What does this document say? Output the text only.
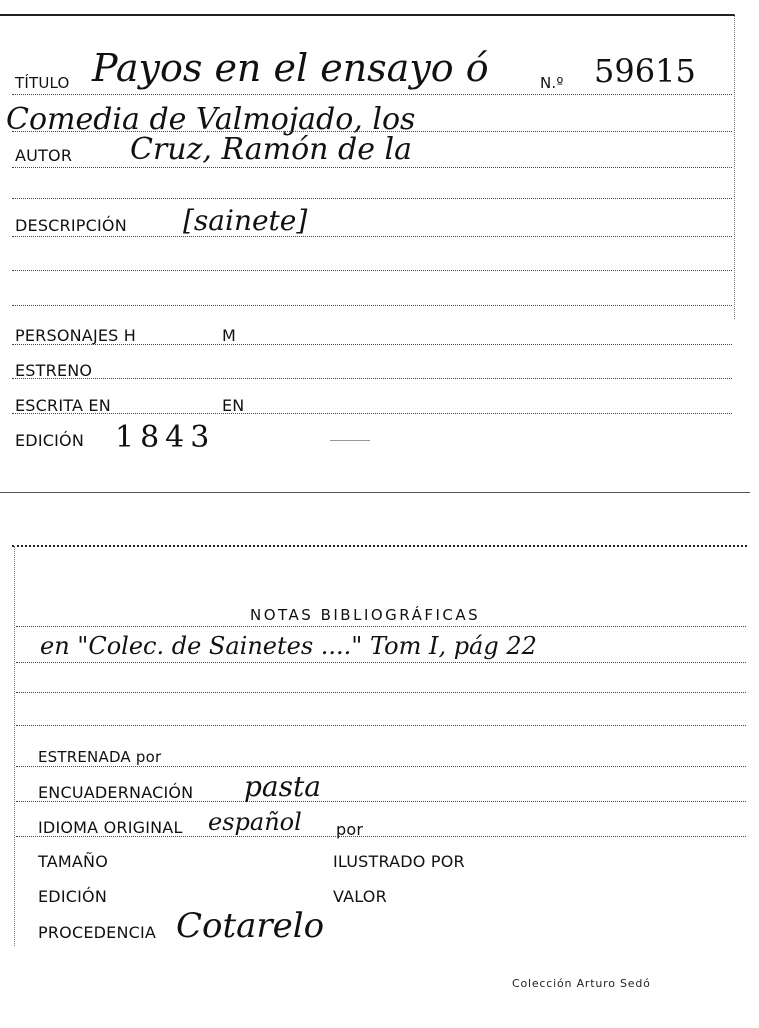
TÍTULO Payos en el ensayo ó	N.º 59615
Comedia de Valmojado, los
AUTOR Cruz, Ramón de la
DESCRIPCIÓN [sainete]
PERSONAJES H	M
ESTRENO
ESCRITA EN	EN
EDICIÓN 1843
NOTAS BIBLIOGRÁFICAS
en "Colec. de Sainetes ...." Tom I, pág 22
ESTRENADA por
ENCUADERNACIÓN pasta
IDIOMA ORIGINAL español por
TAMAÑO	ILUSTRADO POR
EDICIÓN	VALOR
PROCEDENCIA Cotarelo
Colección Arturo Sedó
